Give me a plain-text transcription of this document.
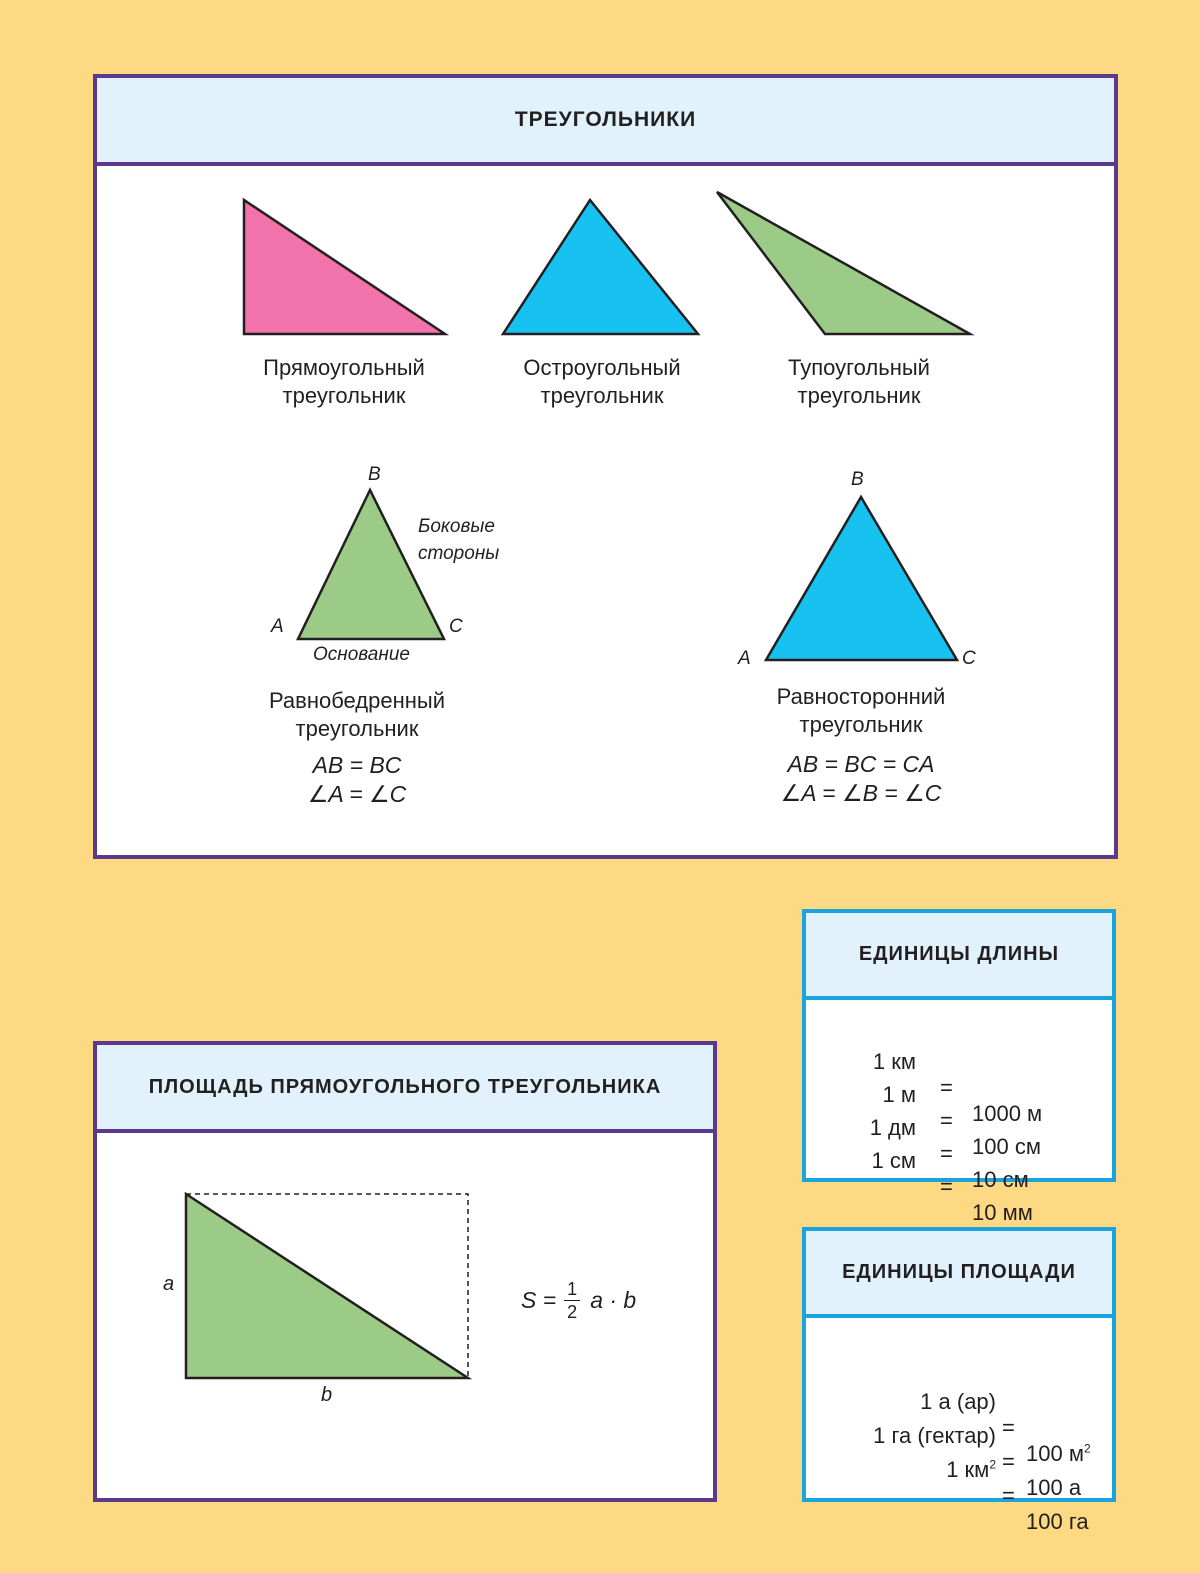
ТРЕУГОЛЬНИКИ
Прямоугольный
треугольник
Остроугольный
треугольник
Тупоугольный
треугольник
B
A	C
Боковые
стороны
Основание
Равнобедренный
треугольник
AB = BC
∠A = ∠C
B
A	C
Равносторонний
треугольник
AB = BC = CA
∠A = ∠B = ∠C
ПЛОЩАДЬ ПРЯМОУГОЛЬНОГО ТРЕУГОЛЬНИКА
a
b
$S = \frac{1}{2}$ a · b
ЕДИНИЦЫ ДЛИНЫ

1 км

=

1000 м

1 м

=

100 см

1 дм

=

10 см

1 см

=

10 мм

ЕДИНИЦЫ ПЛОЩАДИ

1 а (ар)

=

100 $м^2$

1 га (гектар)

=

100 а

1 $км^2$

=

100 га
